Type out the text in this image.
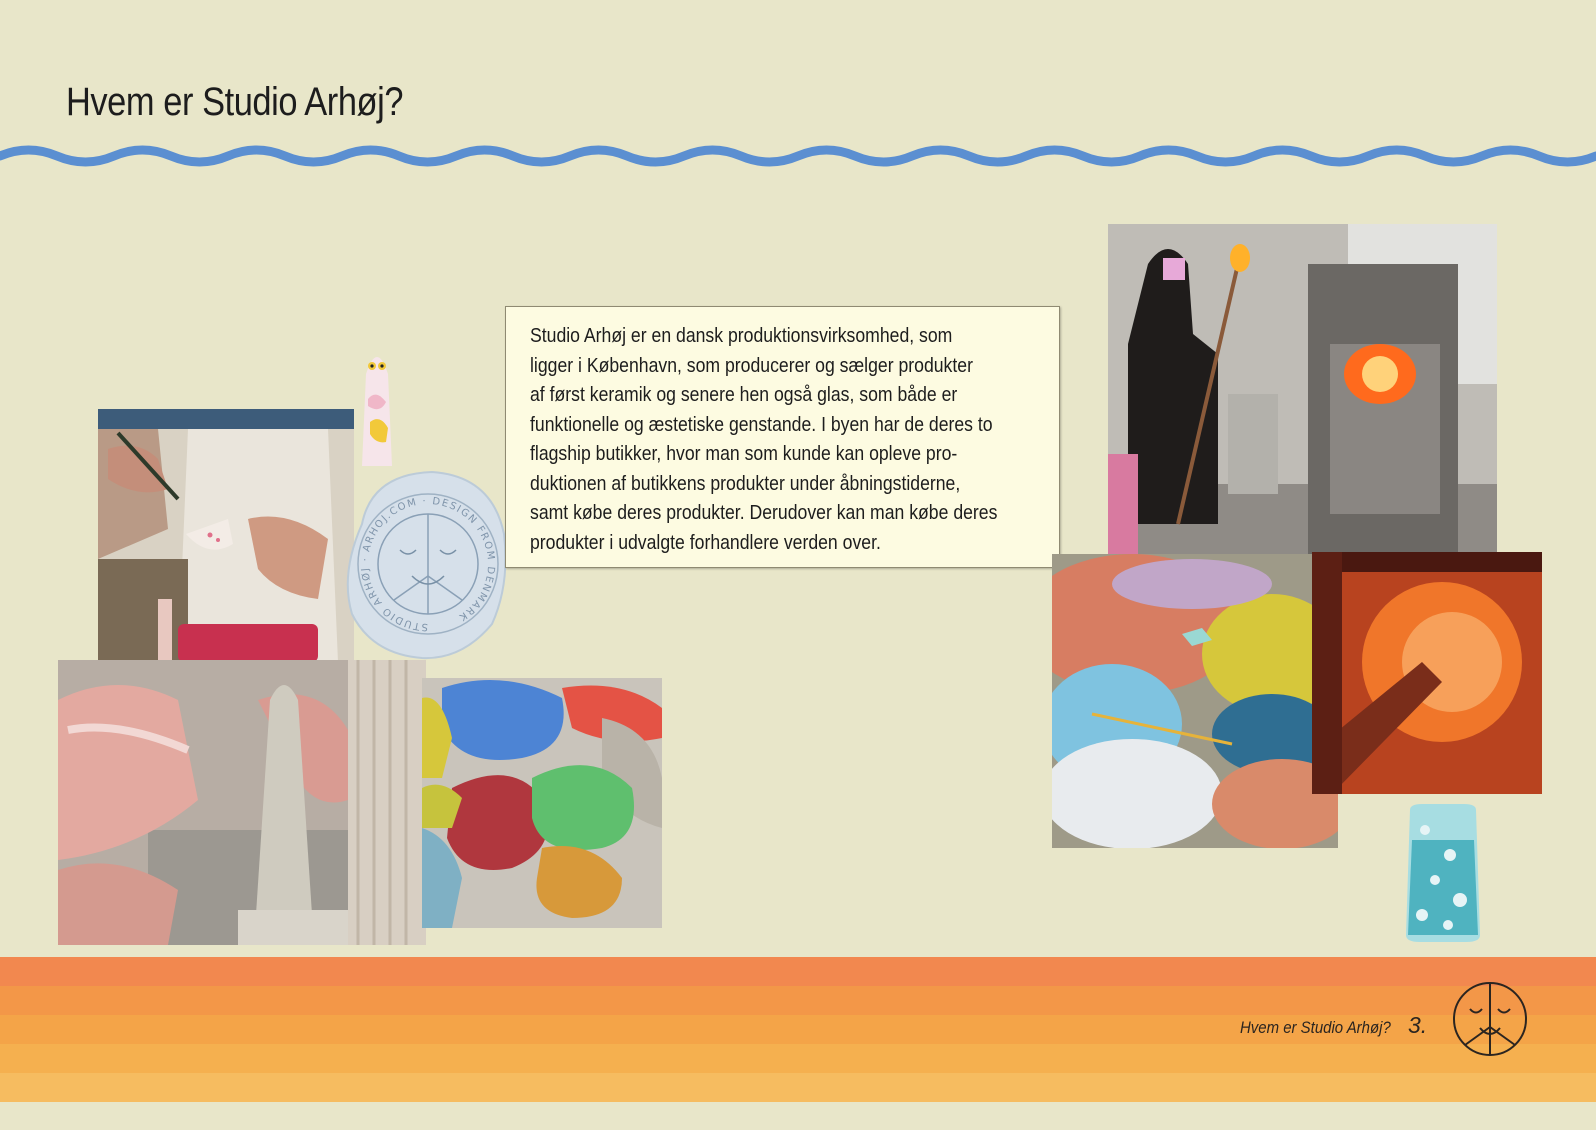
Hvem er Studio Arhøj?
STUDIO ARHØJ · ARHOJ.COM · DESIGN FROM DENMARK

Studio Arhøj er en dansk produktionsvirksomhed, som
ligger i København, som producerer og sælger produkter
af først keramik og senere hen også glas, som både er
funktionelle og æstetiske genstande. I byen har de deres to
flagship butikker, hvor man som kunde kan opleve pro-
duktionen af butikkens produkter under åbningstiderne,
samt købe deres produkter. Derudover kan man købe deres
produkter i udvalgte forhandlere verden over.

Hvem er Studio Arhøj? 3.
